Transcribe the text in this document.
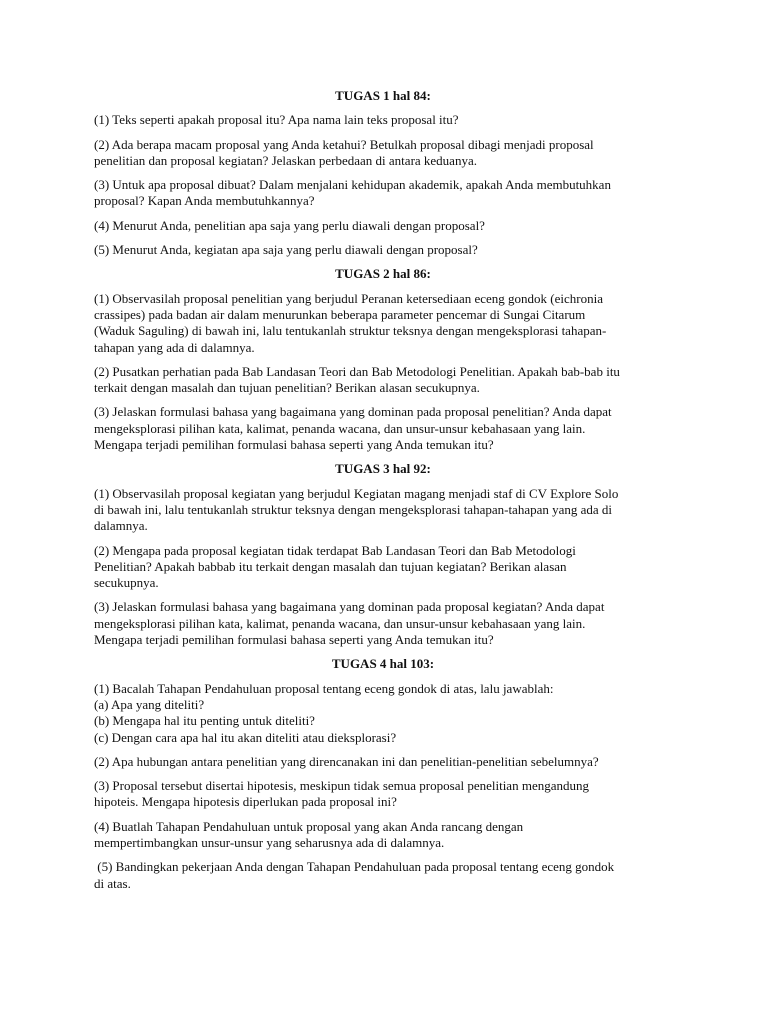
TUGAS 1 hal 84:
(1) Teks seperti apakah proposal itu? Apa nama lain teks proposal itu?
(2) Ada berapa macam proposal yang Anda ketahui? Betulkah proposal dibagi menjadi proposal
penelitian dan proposal kegiatan? Jelaskan perbedaan di antara keduanya.
(3) Untuk apa proposal dibuat? Dalam menjalani kehidupan akademik, apakah Anda membutuhkan
proposal? Kapan Anda membutuhkannya?
(4) Menurut Anda, penelitian apa saja yang perlu diawali dengan proposal?
(5) Menurut Anda, kegiatan apa saja yang perlu diawali dengan proposal?
TUGAS 2 hal 86:
(1) Observasilah proposal penelitian yang berjudul Peranan ketersediaan eceng gondok (eichronia
crassipes) pada badan air dalam menurunkan beberapa parameter pencemar di Sungai Citarum
(Waduk Saguling) di bawah ini, lalu tentukanlah struktur teksnya dengan mengeksplorasi tahapan-
tahapan yang ada di dalamnya.
(2) Pusatkan perhatian pada Bab Landasan Teori dan Bab Metodologi Penelitian. Apakah bab-bab itu
terkait dengan masalah dan tujuan penelitian? Berikan alasan secukupnya.
(3) Jelaskan formulasi bahasa yang bagaimana yang dominan pada proposal penelitian? Anda dapat
mengeksplorasi pilihan kata, kalimat, penanda wacana, dan unsur-unsur kebahasaan yang lain.
Mengapa terjadi pemilihan formulasi bahasa seperti yang Anda temukan itu?
TUGAS 3 hal 92:
(1) Observasilah proposal kegiatan yang berjudul Kegiatan magang menjadi staf di CV Explore Solo
di bawah ini, lalu tentukanlah struktur teksnya dengan mengeksplorasi tahapan-tahapan yang ada di
dalamnya.
(2) Mengapa pada proposal kegiatan tidak terdapat Bab Landasan Teori dan Bab Metodologi
Penelitian? Apakah babbab itu terkait dengan masalah dan tujuan kegiatan? Berikan alasan
secukupnya.
(3) Jelaskan formulasi bahasa yang bagaimana yang dominan pada proposal kegiatan? Anda dapat
mengeksplorasi pilihan kata, kalimat, penanda wacana, dan unsur-unsur kebahasaan yang lain.
Mengapa terjadi pemilihan formulasi bahasa seperti yang Anda temukan itu?
TUGAS 4 hal 103:
(1) Bacalah Tahapan Pendahuluan proposal tentang eceng gondok di atas, lalu jawablah:
(a) Apa yang diteliti?
(b) Mengapa hal itu penting untuk diteliti?
(c) Dengan cara apa hal itu akan diteliti atau dieksplorasi?
(2) Apa hubungan antara penelitian yang direncanakan ini dan penelitian-penelitian sebelumnya?
(3) Proposal tersebut disertai hipotesis, meskipun tidak semua proposal penelitian mengandung
hipoteis. Mengapa hipotesis diperlukan pada proposal ini?
(4) Buatlah Tahapan Pendahuluan untuk proposal yang akan Anda rancang dengan
mempertimbangkan unsur-unsur yang seharusnya ada di dalamnya.
(5) Bandingkan pekerjaan Anda dengan Tahapan Pendahuluan pada proposal tentang eceng gondok
di atas.
